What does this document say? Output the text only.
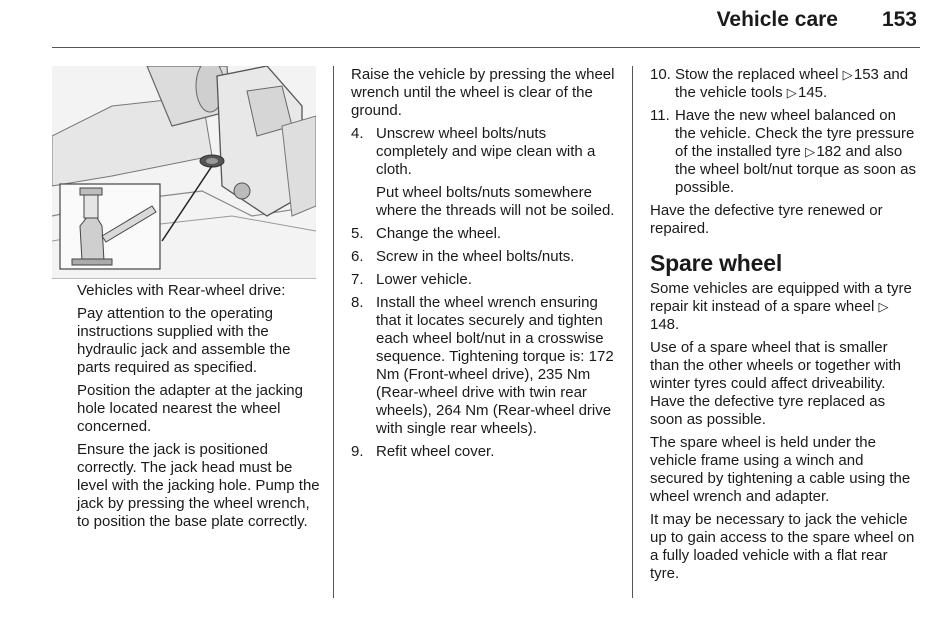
Vehicle care 153

Vehicles with Rear-wheel drive:

Pay attention to the operating instructions supplied with the hydraulic jack and assemble the parts required as specified.

Position the adapter at the jacking hole located nearest the wheel concerned.

Ensure the jack is positioned correctly. The jack head must be level with the jacking hole. Pump the jack by pressing the wheel wrench, to position the base plate correctly.

Raise the vehicle by pressing the wheel wrench until the wheel is clear of the ground.

4. Unscrew wheel bolts/nuts completely and wipe clean with a cloth.

Put wheel bolts/nuts somewhere where the threads will not be soiled.

5. Change the wheel.

6. Screw in the wheel bolts/nuts.

7. Lower vehicle.

8. Install the wheel wrench ensuring that it locates securely and tighten each wheel bolt/nut in a crosswise sequence. Tightening torque is: 172 Nm (Front-wheel drive), 235 Nm (Rear-wheel drive with twin rear wheels), 264 Nm (Rear-wheel drive with single rear wheels).

9. Refit wheel cover.

10. Stow the replaced wheel ▷ 153 and the vehicle tools ▷ 145.

11. Have the new wheel balanced on the vehicle. Check the tyre pressure of the installed tyre ▷ 182 and also the wheel bolt/nut torque as soon as possible.

Have the defective tyre renewed or repaired.

Spare wheel

Some vehicles are equipped with a tyre repair kit instead of a spare wheel ▷ 148.

Use of a spare wheel that is smaller than the other wheels or together with winter tyres could affect driveability. Have the defective tyre replaced as soon as possible.

The spare wheel is held under the vehicle frame using a winch and secured by tightening a cable using the wheel wrench and adapter.

It may be necessary to jack the vehicle up to gain access to the spare wheel on a fully loaded vehicle with a flat rear tyre.
